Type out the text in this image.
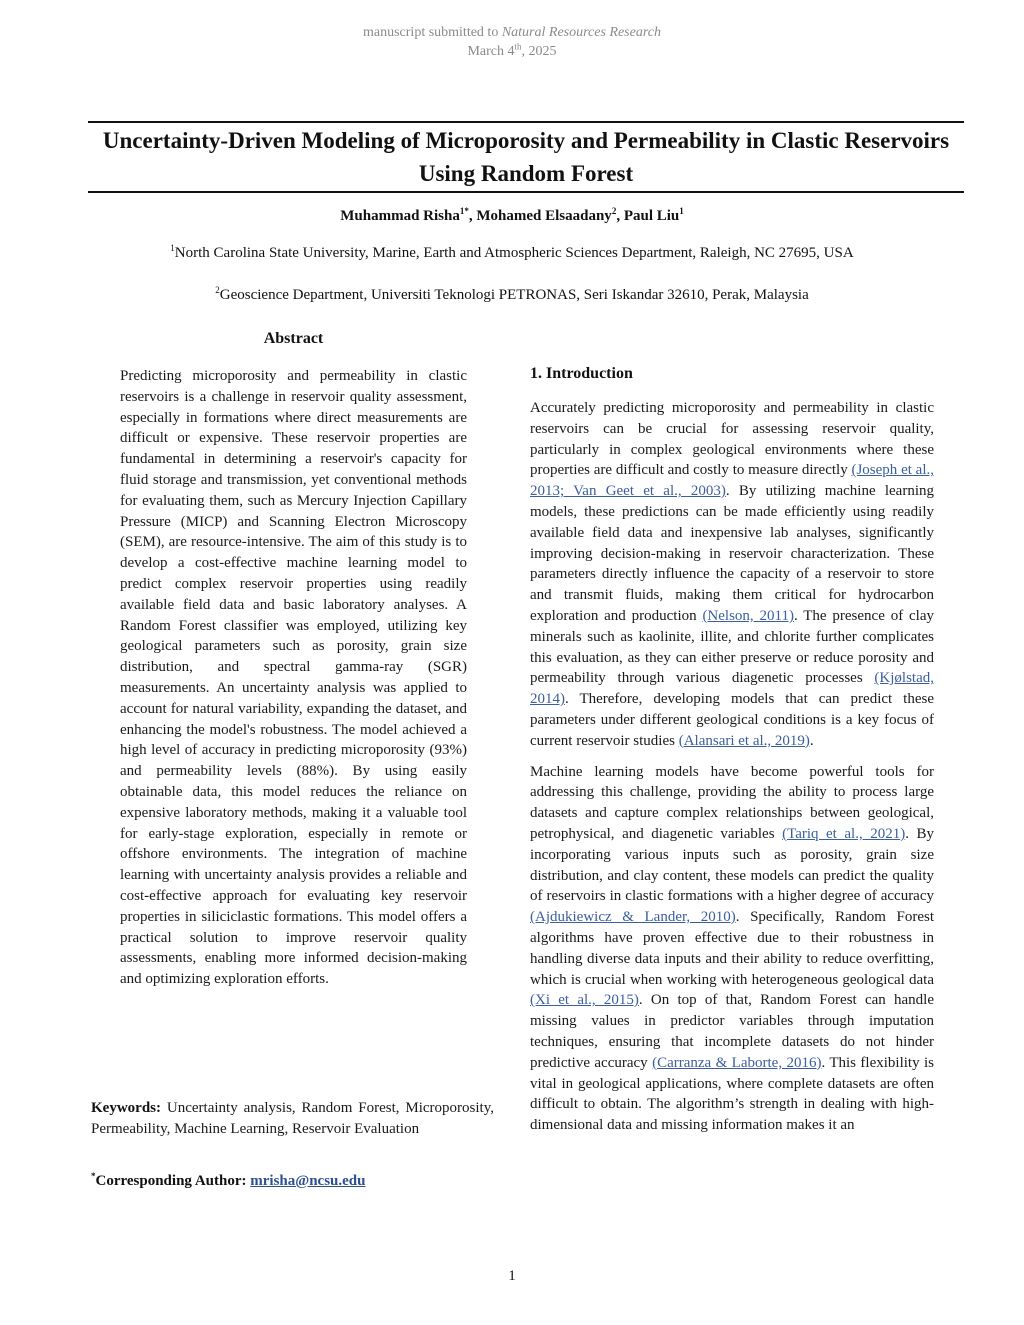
manuscript submitted to Natural Resources Research
March 4th, 2025
Uncertainty-Driven Modeling of Microporosity and Permeability in Clastic Reservoirs Using Random Forest
Muhammad Risha$^{1*}$, Mohamed Elsaadany$^2$, Paul Liu$^1$
$^1$North Carolina State University, Marine, Earth and Atmospheric Sciences Department, Raleigh, NC 27695, USA
$^2$Geoscience Department, Universiti Teknologi PETRONAS, Seri Iskandar 32610, Perak, Malaysia
Abstract
Predicting microporosity and permeability in clastic reservoirs is a challenge in reservoir quality assessment, especially in formations where direct measurements are difficult or expensive. These reservoir properties are fundamental in determining a reservoir's capacity for fluid storage and transmission, yet conventional methods for evaluating them, such as Mercury Injection Capillary Pressure (MICP) and Scanning Electron Microscopy (SEM), are resource-intensive. The aim of this study is to develop a cost-effective machine learning model to predict complex reservoir properties using readily available field data and basic laboratory analyses. A Random Forest classifier was employed, utilizing key geological parameters such as porosity, grain size distribution, and spectral gamma-ray (SGR) measurements. An uncertainty analysis was applied to account for natural variability, expanding the dataset, and enhancing the model's robustness. The model achieved a high level of accuracy in predicting microporosity (93%) and permeability levels (88%). By using easily obtainable data, this model reduces the reliance on expensive laboratory methods, making it a valuable tool for early-stage exploration, especially in remote or offshore environments. The integration of machine learning with uncertainty analysis provides a reliable and cost-effective approach for evaluating key reservoir properties in siliciclastic formations. This model offers a practical solution to improve reservoir quality assessments, enabling more informed decision-making and optimizing exploration efforts.
Keywords: Uncertainty analysis, Random Forest, Microporosity, Permeability, Machine Learning, Reservoir Evaluation
*Corresponding Author: mrisha@ncsu.edu
1. Introduction

Accurately predicting microporosity and permeability in clastic reservoirs can be crucial for assessing reservoir quality, particularly in complex geological environments where these properties are difficult and costly to measure directly (Joseph et al., 2013; Van Geet et al., 2003). By utilizing machine learning models, these predictions can be made efficiently using readily available field data and inexpensive lab analyses, significantly improving decision-making in reservoir characterization. These parameters directly influence the capacity of a reservoir to store and transmit fluids, making them critical for hydrocarbon exploration and production (Nelson, 2011). The presence of clay minerals such as kaolinite, illite, and chlorite further complicates this evaluation, as they can either preserve or reduce porosity and permeability through various diagenetic processes (Kjølstad, 2014). Therefore, developing models that can predict these parameters under different geological conditions is a key focus of current reservoir studies (Alansari et al., 2019).

Machine learning models have become powerful tools for addressing this challenge, providing the ability to process large datasets and capture complex relationships between geological, petrophysical, and diagenetic variables (Tariq et al., 2021). By incorporating various inputs such as porosity, grain size distribution, and clay content, these models can predict the quality of reservoirs in clastic formations with a higher degree of accuracy (Ajdukiewicz & Lander, 2010). Specifically, Random Forest algorithms have proven effective due to their robustness in handling diverse data inputs and their ability to reduce overfitting, which is crucial when working with heterogeneous geological data (Xi et al., 2015). On top of that, Random Forest can handle missing values in predictor variables through imputation techniques, ensuring that incomplete datasets do not hinder predictive accuracy (Carranza & Laborte, 2016). This flexibility is vital in geological applications, where complete datasets are often difficult to obtain. The algorithm’s strength in dealing with high-dimensional data and missing information makes it an

1
